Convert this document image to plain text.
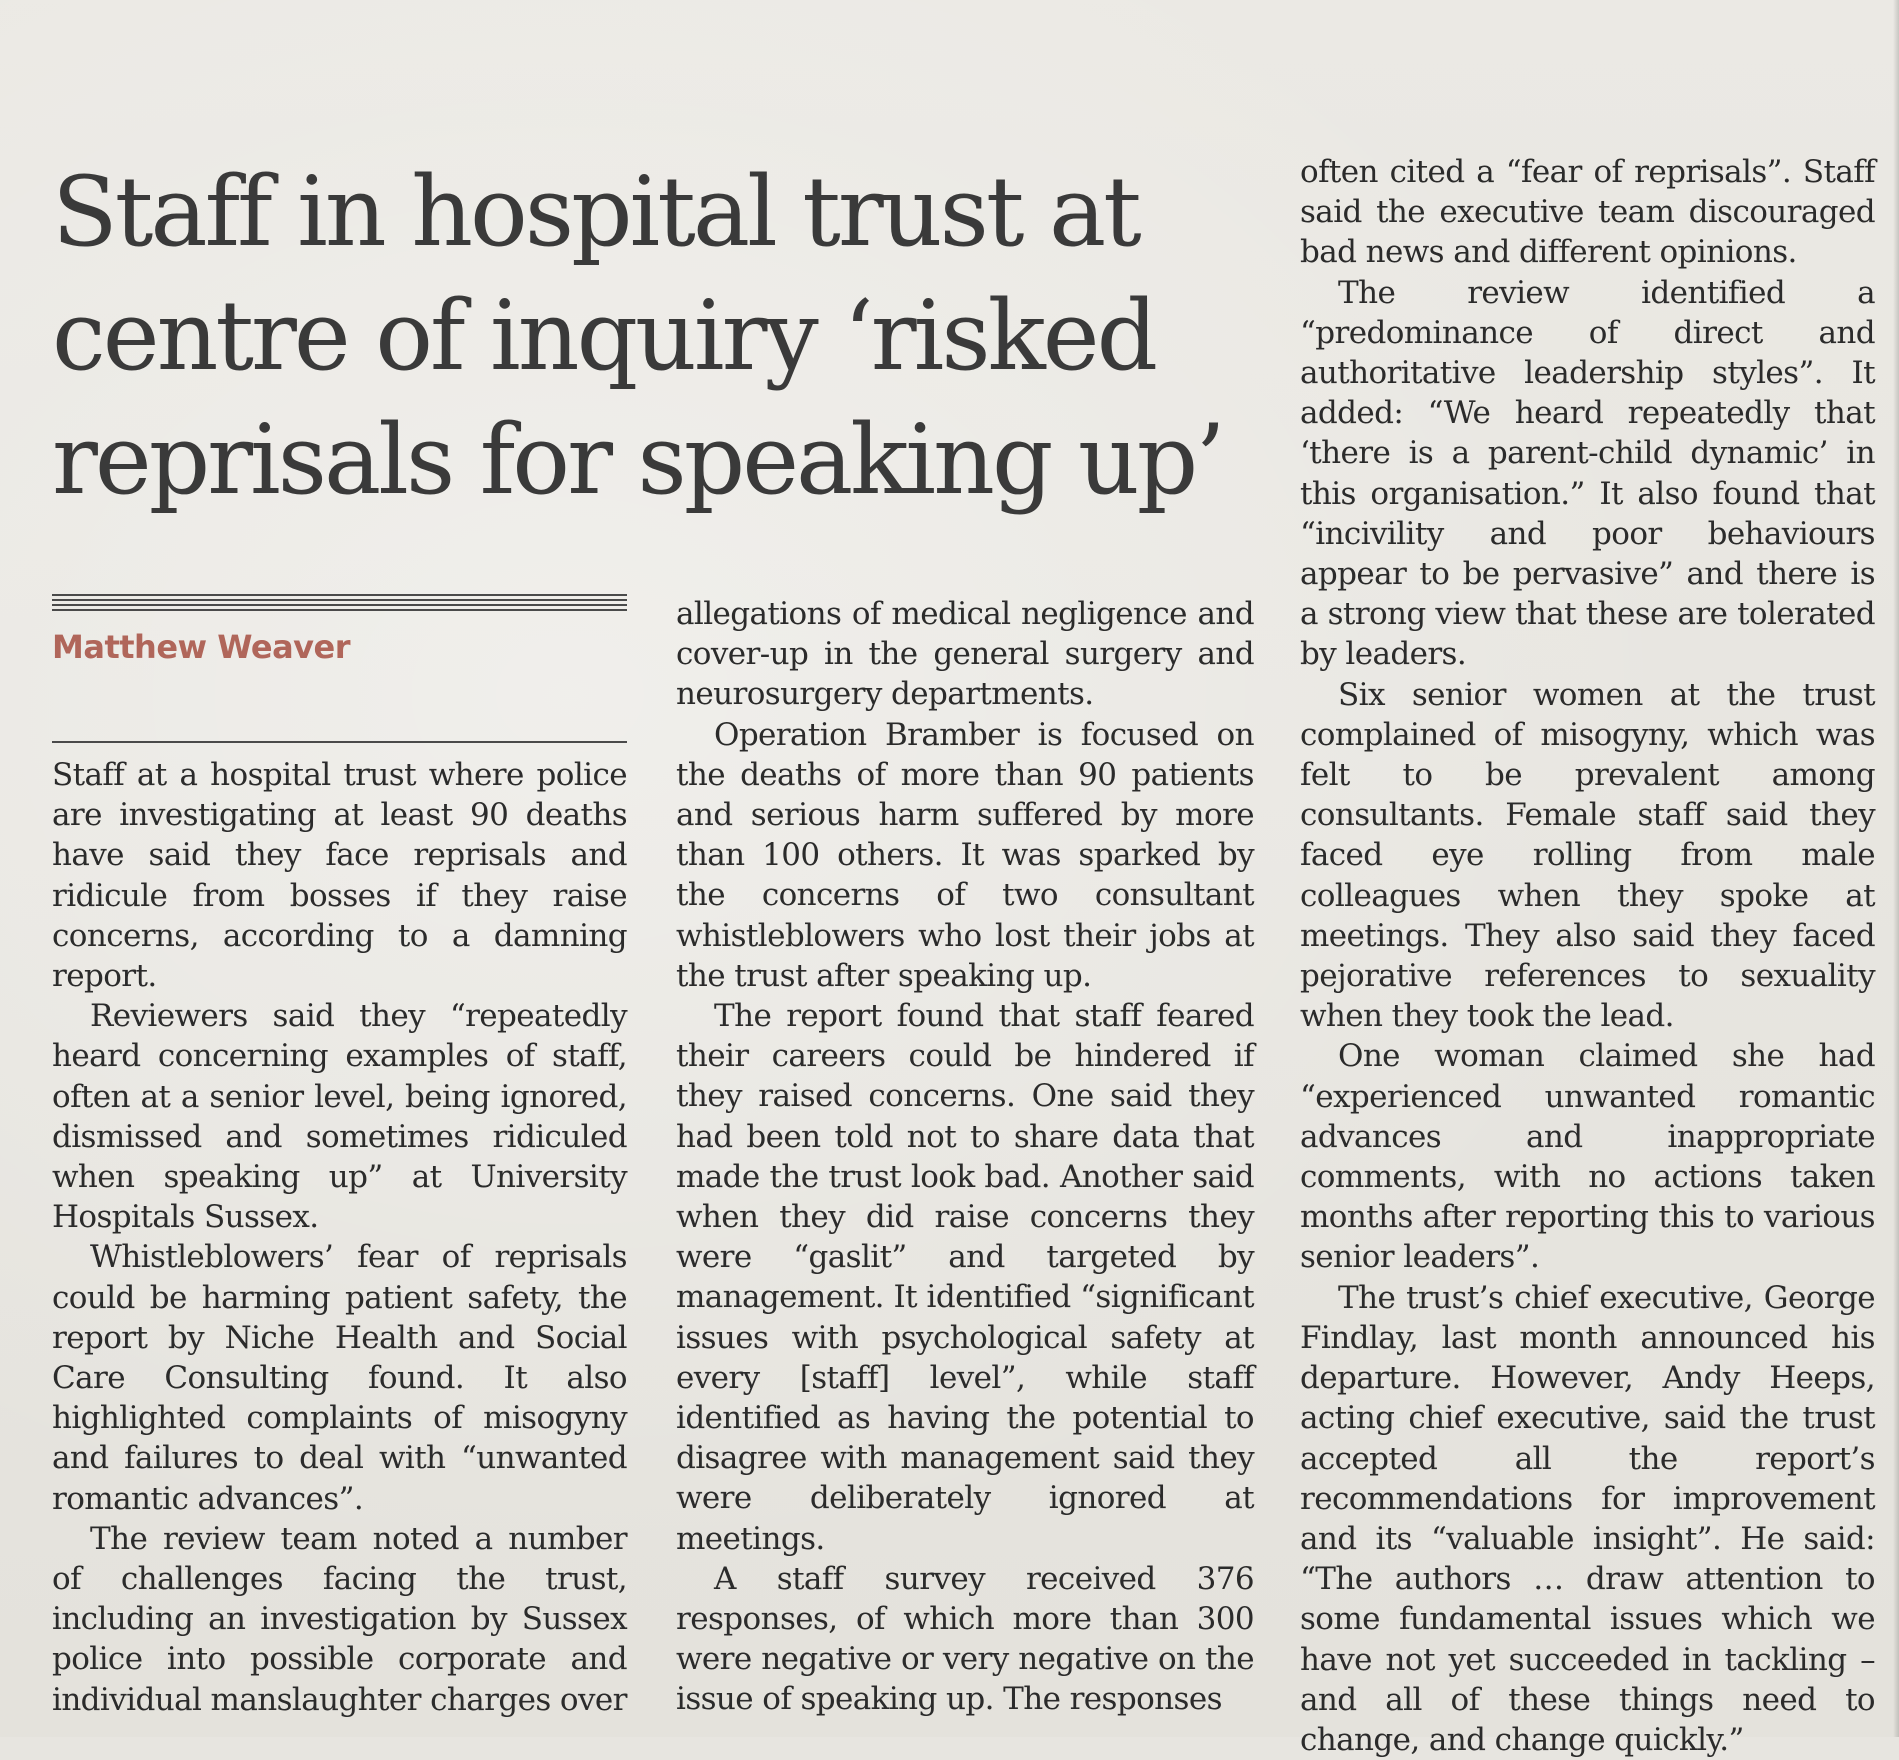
Staff in hospital trust at
centre of inquiry ‘risked
reprisals for speaking up’

Matthew Weaver

Staff at a hospital trust where police are investigating at least 90 deaths have said they face reprisals and ridicule from bosses if they raise concerns, according to a damning report.

Reviewers said they “repeatedly heard concerning examples of staff, often at a senior level, being ignored, dismissed and sometimes ridiculed when speaking up” at University Hospitals Sussex.

Whistleblowers’ fear of reprisals could be harming patient safety, the report by Niche Health and Social Care Consulting found. It also highlighted complaints of misogyny and failures to deal with “unwanted romantic advances”.

The review team noted a number of challenges facing the trust, including an investigation by Sussex police into possible corporate and individual manslaughter charges over

allegations of medical negligence and cover-up in the general surgery and neurosurgery departments.

Operation Bramber is focused on the deaths of more than 90 patients and serious harm suffered by more than 100 others. It was sparked by the concerns of two consultant whistleblowers who lost their jobs at the trust after speaking up.

The report found that staff feared their careers could be hindered if they raised concerns. One said they had been told not to share data that made the trust look bad. Another said when they did raise concerns they were “gaslit” and targeted by management. It identified “significant issues with psychological safety at every [staff] level”, while staff identified as having the potential to disagree with management said they were deliberately ignored at meetings.

A staff survey received 376 responses, of which more than 300 were negative or very negative on the issue of speaking up. The responses

often cited a “fear of reprisals”. Staff said the executive team discouraged bad news and different opinions.

The review identified a “predominance of direct and authoritative leadership styles”. It added: “We heard repeatedly that ‘there is a parent-child dynamic’ in this organisation.” It also found that “incivility and poor behaviours appear to be pervasive” and there is a strong view that these are tolerated by leaders.

Six senior women at the trust complained of misogyny, which was felt to be prevalent among consultants. Female staff said they faced eye rolling from male colleagues when they spoke at meetings. They also said they faced pejorative references to sexuality when they took the lead.

One woman claimed she had “experienced unwanted romantic advances and inappropriate comments, with no actions taken months after reporting this to various senior leaders”.

The trust’s chief executive, George Findlay, last month announced his departure. However, Andy Heeps, acting chief executive, said the trust accepted all the report’s recommendations for improvement and its “valuable insight”. He said: “The authors … draw attention to some fundamental issues which we have not yet succeeded in tackling – and all of these things need to change, and change quickly.”
